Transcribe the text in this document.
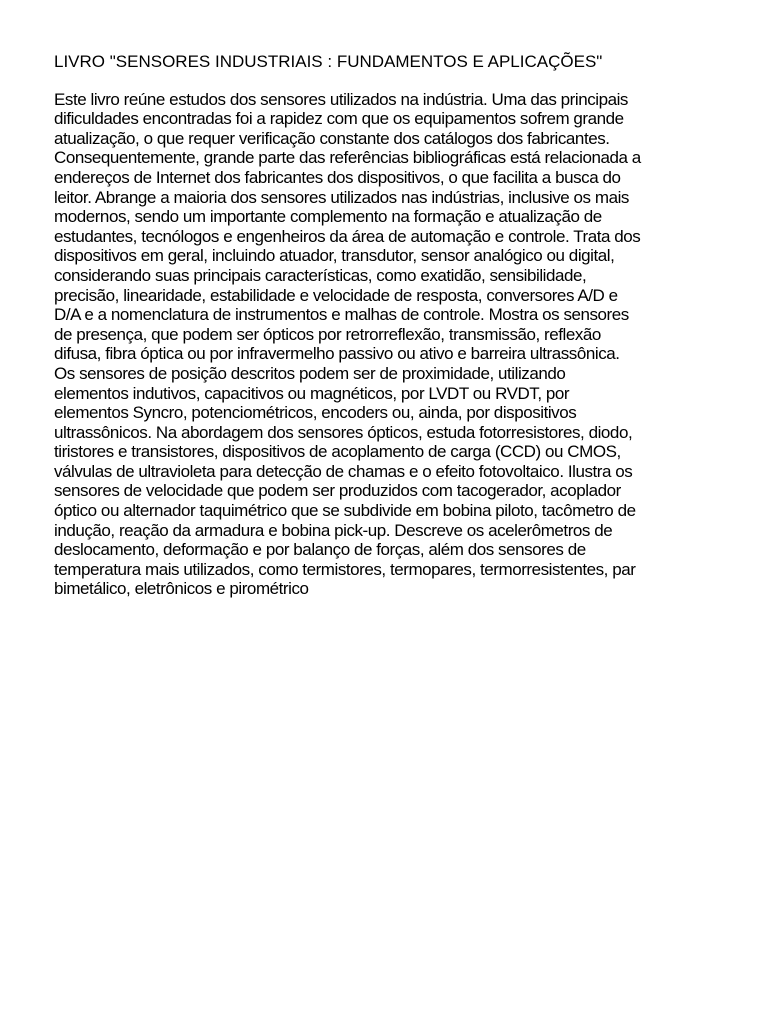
LIVRO "SENSORES INDUSTRIAIS : FUNDAMENTOS E APLICAÇÕES"

Este livro reúne estudos dos sensores utilizados na indústria. Uma das principais
dificuldades encontradas foi a rapidez com que os equipamentos sofrem grande
atualização, o que requer verificação constante dos catálogos dos fabricantes.
Consequentemente, grande parte das referências bibliográficas está relacionada a
endereços de Internet dos fabricantes dos dispositivos, o que facilita a busca do
leitor. Abrange a maioria dos sensores utilizados nas indústrias, inclusive os mais
modernos, sendo um importante complemento na formação e atualização de
estudantes, tecnólogos e engenheiros da área de automação e controle. Trata dos
dispositivos em geral, incluindo atuador, transdutor, sensor analógico ou digital,
considerando suas principais características, como exatidão, sensibilidade,
precisão, linearidade, estabilidade e velocidade de resposta, conversores A/D e
D/A e a nomenclatura de instrumentos e malhas de controle. Mostra os sensores
de presença, que podem ser ópticos por retrorreflexão, transmissão, reflexão
difusa, fibra óptica ou por infravermelho passivo ou ativo e barreira ultrassônica.
Os sensores de posição descritos podem ser de proximidade, utilizando
elementos indutivos, capacitivos ou magnéticos, por LVDT ou RVDT, por
elementos Syncro, potenciométricos, encoders ou, ainda, por dispositivos
ultrassônicos. Na abordagem dos sensores ópticos, estuda fotorresistores, diodo,
tiristores e transistores, dispositivos de acoplamento de carga (CCD) ou CMOS,
válvulas de ultravioleta para detecção de chamas e o efeito fotovoltaico. Ilustra os
sensores de velocidade que podem ser produzidos com tacogerador, acoplador
óptico ou alternador taquimétrico que se subdivide em bobina piloto, tacômetro de
indução, reação da armadura e bobina pick-up. Descreve os acelerômetros de
deslocamento, deformação e por balanço de forças, além dos sensores de
temperatura mais utilizados, como termistores, termopares, termorresistentes, par
bimetálico, eletrônicos e pirométrico
